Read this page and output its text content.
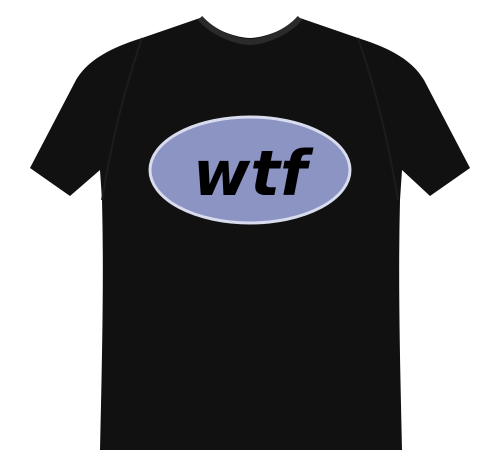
wtf
